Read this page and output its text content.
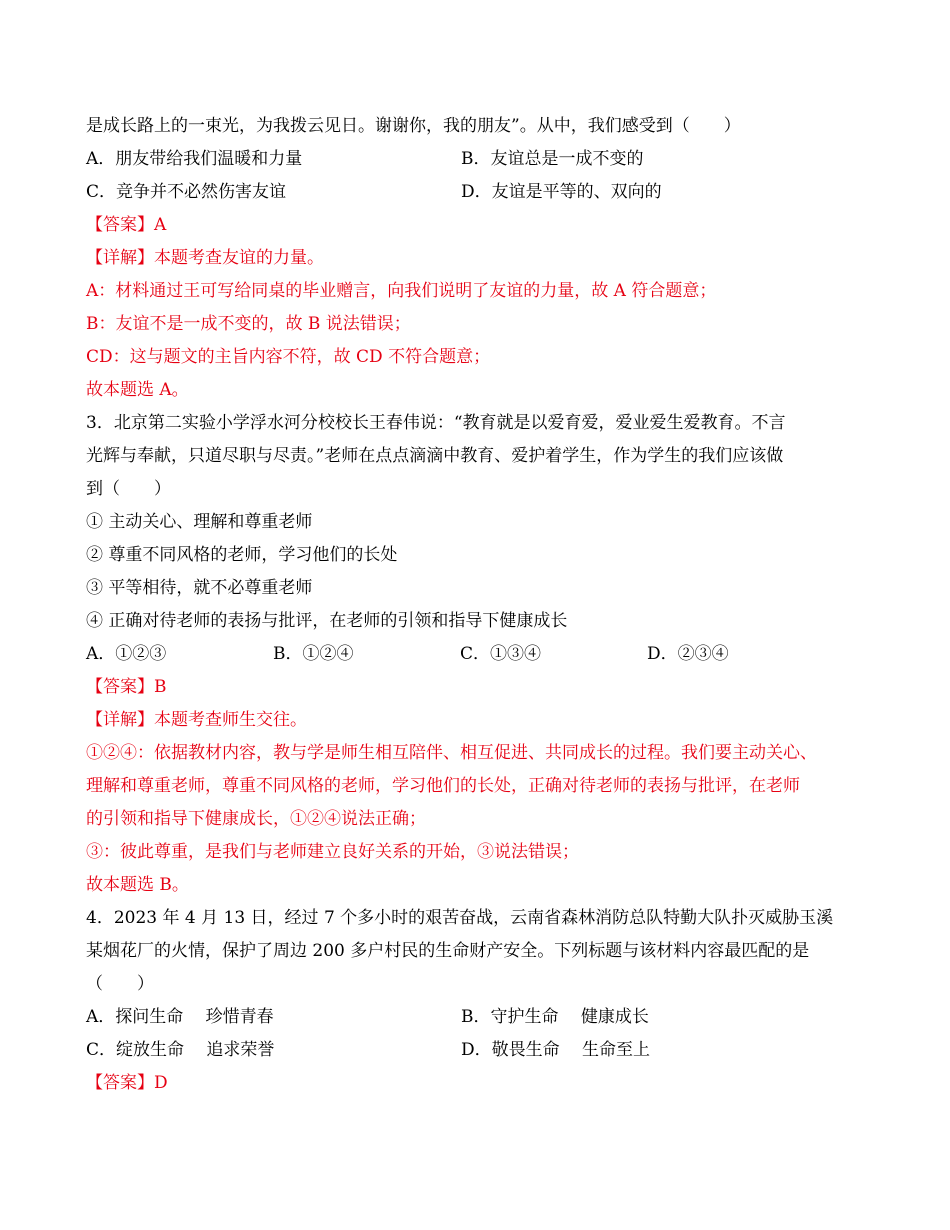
是成长路上的一束光，为我拨云见日。谢谢你，我的朋友”。从中，我们感受到（　　）
A．朋友带给我们温暖和力量	B．友谊总是一成不变的
C．竞争并不必然伤害友谊	D．友谊是平等的、双向的
【答案】A
【详解】本题考查友谊的力量。
A：材料通过王可写给同桌的毕业赠言，向我们说明了友谊的力量，故 A 符合题意；
B：友谊不是一成不变的，故 B 说法错误；
CD：这与题文的主旨内容不符，故 CD 不符合题意；
故本题选 A。
3．北京第二实验小学浮水河分校校长王春伟说：“教育就是以爱育爱，爱业爱生爱教育。不言
光辉与奉献，只道尽职与尽责。”老师在点点滴滴中教育、爱护着学生，作为学生的我们应该做
到（　　）
① 主动关心、理解和尊重老师
② 尊重不同风格的老师，学习他们的长处
③ 平等相待，就不必尊重老师
④ 正确对待老师的表扬与批评，在老师的引领和指导下健康成长
A．①②③	B．①②④	C．①③④	D．②③④
【答案】B
【详解】本题考查师生交往。
①②④：依据教材内容，教与学是师生相互陪伴、相互促进、共同成长的过程。我们要主动关心、
理解和尊重老师，尊重不同风格的老师，学习他们的长处，正确对待老师的表扬与批评，在老师
的引领和指导下健康成长，①②④说法正确；
③：彼此尊重，是我们与老师建立良好关系的开始，③说法错误；
故本题选 B。
4．2023 年 4 月 13 日，经过 7 个多小时的艰苦奋战，云南省森林消防总队特勤大队扑灭威胁玉溪
某烟花厂的火情，保护了周边 200 多户村民的生命财产安全。下列标题与该材料内容最匹配的是
（　　）
A．探问生命　 珍惜青春	B．守护生命　 健康成长
C．绽放生命　 追求荣誉	D．敬畏生命　 生命至上
【答案】D
